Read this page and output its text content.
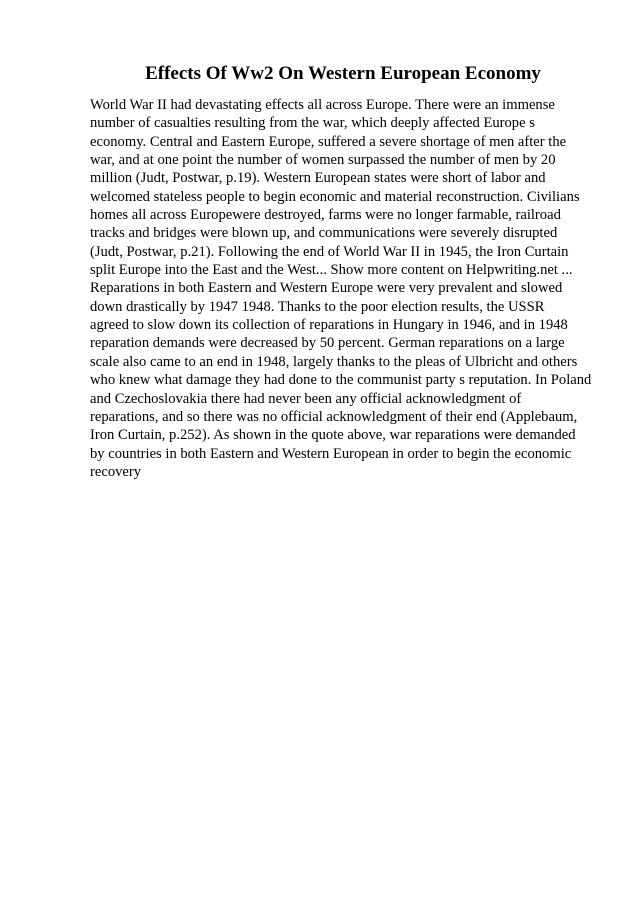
Effects Of Ww2 On Western European Economy
World War II had devastating effects all across Europe. There were an immense
number of casualties resulting from the war, which deeply affected Europe s
economy. Central and Eastern Europe, suffered a severe shortage of men after the
war, and at one point the number of women surpassed the number of men by 20
million (Judt, Postwar, p.19). Western European states were short of labor and
welcomed stateless people to begin economic and material reconstruction. Civilians
homes all across Europewere destroyed, farms were no longer farmable, railroad
tracks and bridges were blown up, and communications were severely disrupted
(Judt, Postwar, p.21). Following the end of World War II in 1945, the Iron Curtain
split Europe into the East and the West... Show more content on Helpwriting.net ...
Reparations in both Eastern and Western Europe were very prevalent and slowed
down drastically by 1947 1948. Thanks to the poor election results, the USSR
agreed to slow down its collection of reparations in Hungary in 1946, and in 1948
reparation demands were decreased by 50 percent. German reparations on a large
scale also came to an end in 1948, largely thanks to the pleas of Ulbricht and others
who knew what damage they had done to the communist party s reputation. In Poland
and Czechoslovakia there had never been any official acknowledgment of
reparations, and so there was no official acknowledgment of their end (Applebaum,
Iron Curtain, p.252). As shown in the quote above, war reparations were demanded
by countries in both Eastern and Western European in order to begin the economic
recovery
